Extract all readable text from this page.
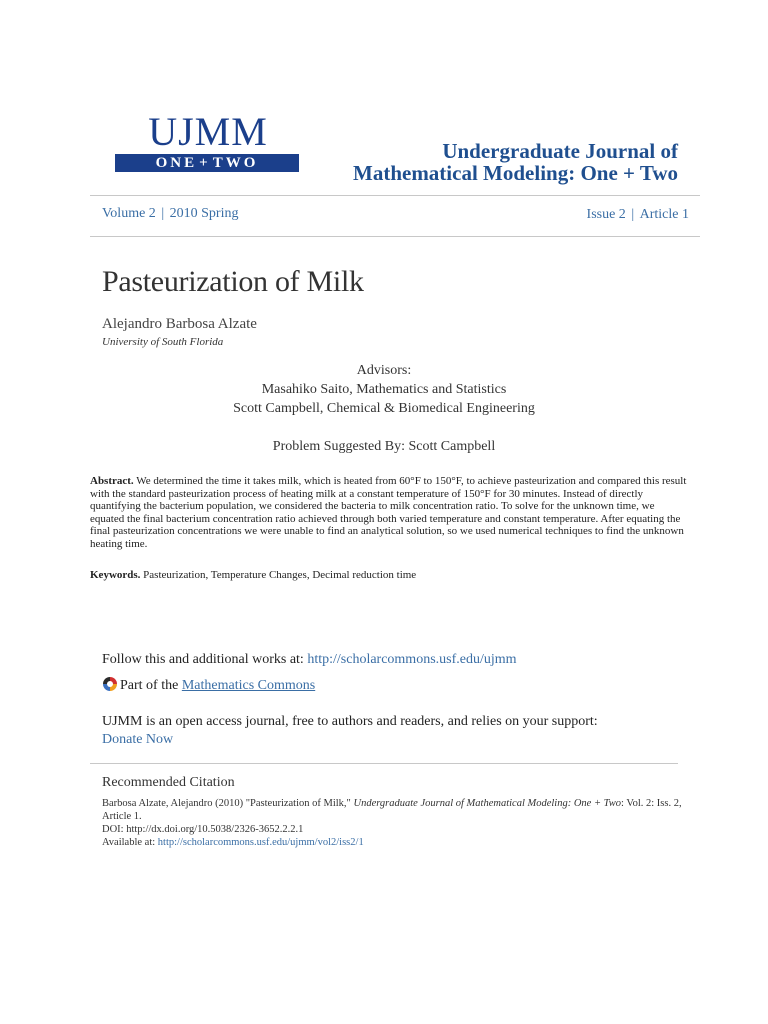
UJMM
ONE + TWO	Undergraduate Journal of
Mathematical Modeling: One + Two
Volume 2 | 2010 Spring	Issue 2 | Article 1
Pasteurization of Milk
Alejandro Barbosa Alzate
University of South Florida
Advisors:
Masahiko Saito, Mathematics and Statistics
Scott Campbell, Chemical & Biomedical Engineering
Problem Suggested By: Scott Campbell
Abstract. We determined the time it takes milk, which is heated from 60°F to 150°F, to achieve pasteurization and compared this result with the standard pasteurization process of heating milk at a constant temperature of 150°F for 30 minutes. Instead of directly quantifying the bacterium population, we considered the bacteria to milk concentration ratio. To solve for the unknown time, we equated the final bacterium concentration ratio achieved through both varied temperature and constant temperature. After equating the final pasteurization concentrations we were unable to find an analytical solution, so we used numerical techniques to find the unknown heating time.
Keywords. Pasteurization, Temperature Changes, Decimal reduction time
Follow this and additional works at: http://scholarcommons.usf.edu/ujmm
Part of the Mathematics Commons
UJMM is an open access journal, free to authors and readers, and relies on your support:
Donate Now
Recommended Citation
Barbosa Alzate, Alejandro (2010) "Pasteurization of Milk," Undergraduate Journal of Mathematical Modeling: One + Two: Vol. 2: Iss. 2,
Article 1.
DOI: http://dx.doi.org/10.5038/2326-3652.2.2.1
Available at: http://scholarcommons.usf.edu/ujmm/vol2/iss2/1
